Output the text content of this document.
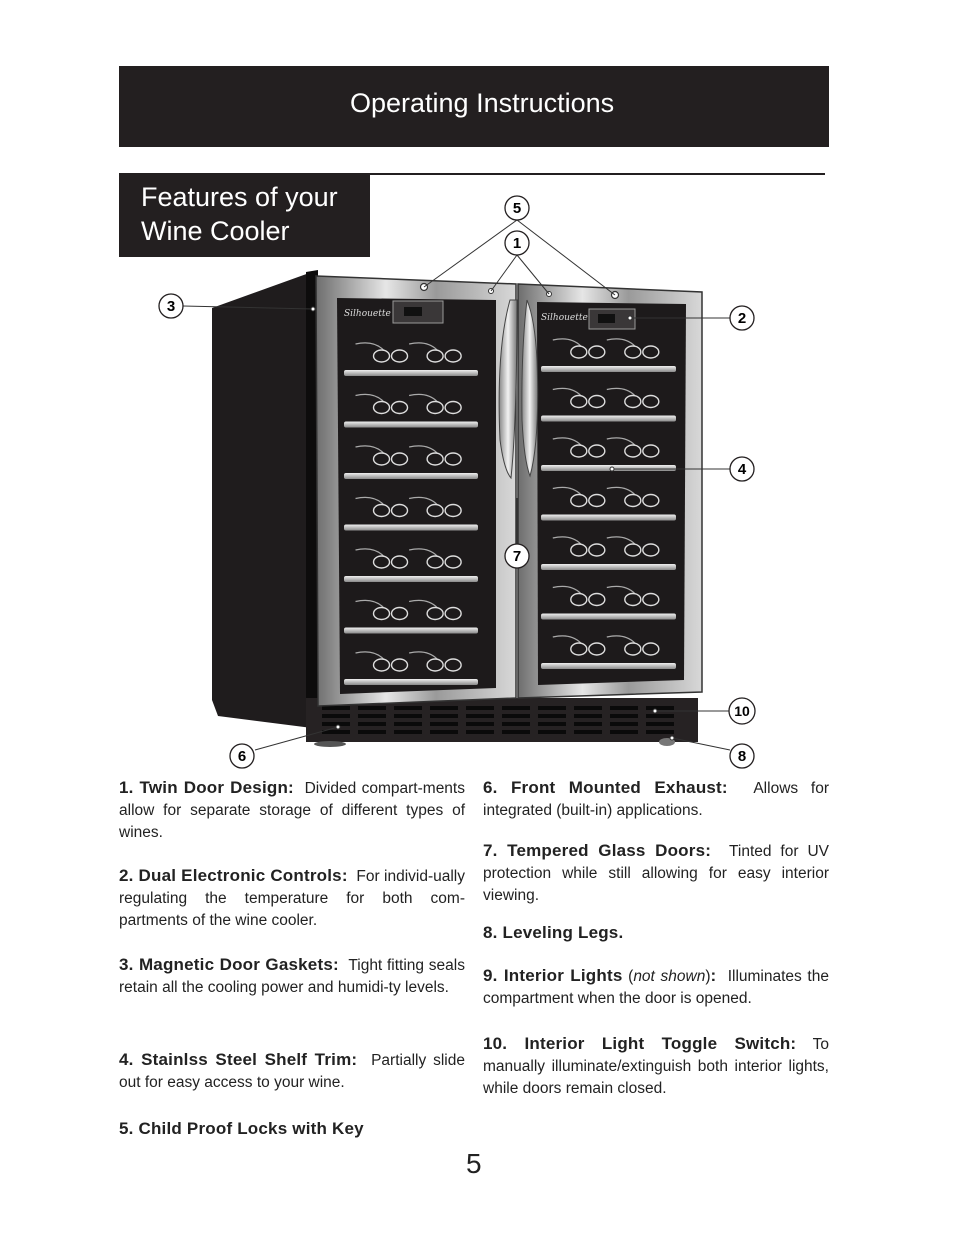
Operating Instructions
Features of your
Wine Cooler
Silhouette	Silhouette
5
1
3
2
4
7
10
6	8
1. Twin Door Design: Divided compart-ments allow for separate storage of different types of wines.
2. Dual Electronic Controls: For individ-ually regulating the temperature for both com-partments of the wine cooler.
3. Magnetic Door Gaskets: Tight fitting seals retain all the cooling power and humidi-ty levels.
4. Stainlss Steel Shelf Trim: Partially slide out for easy access to your wine.
5. Child Proof Locks with Key
6. Front Mounted Exhaust: Allows for integrated (built-in) applications.
7. Tempered Glass Doors: Tinted for UV protection while still allowing for easy interior viewing.
8. Leveling Legs.
9. Interior Lights (not shown): Illuminates the compartment when the door is opened.
10. Interior Light Toggle Switch: To manually illuminate/extinguish both interior lights, while doors remain closed.
5
